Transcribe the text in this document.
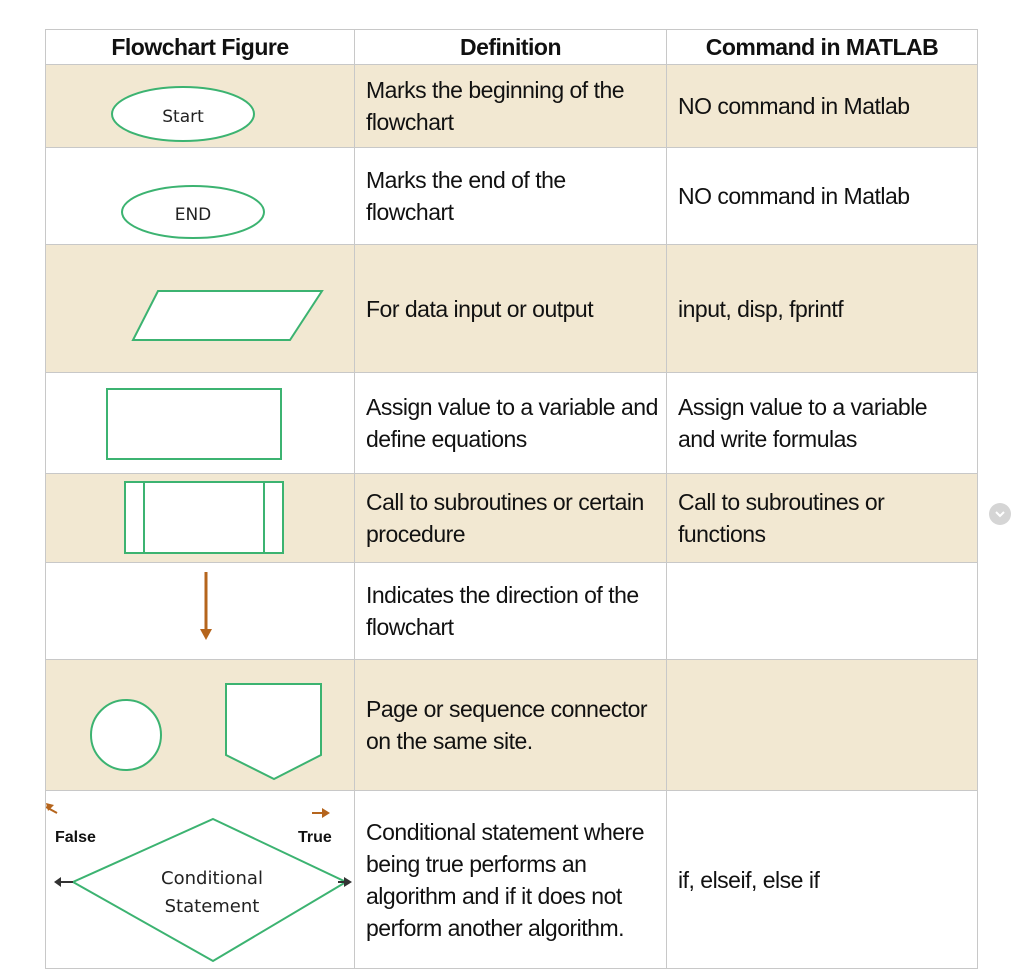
Flowchart Figure	Definition	Command in MATLAB

Start	Marks the beginning of the flowchart	NO command in Matlab

END	Marks the end of the flowchart	NO command in Matlab

	For data input or output	input, disp, fprintf

	Assign value to a variable and define equations	Assign value to a variable and write formulas

	Call to subroutines or certain procedure	Call to subroutines or functions

	Indicates the direction of the flowchart	

	Page or sequence connector on the same site.	

False True
Conditional
Statement	Conditional statement where being true performs an algorithm and if it does not perform another algorithm.	if, elseif, else if
